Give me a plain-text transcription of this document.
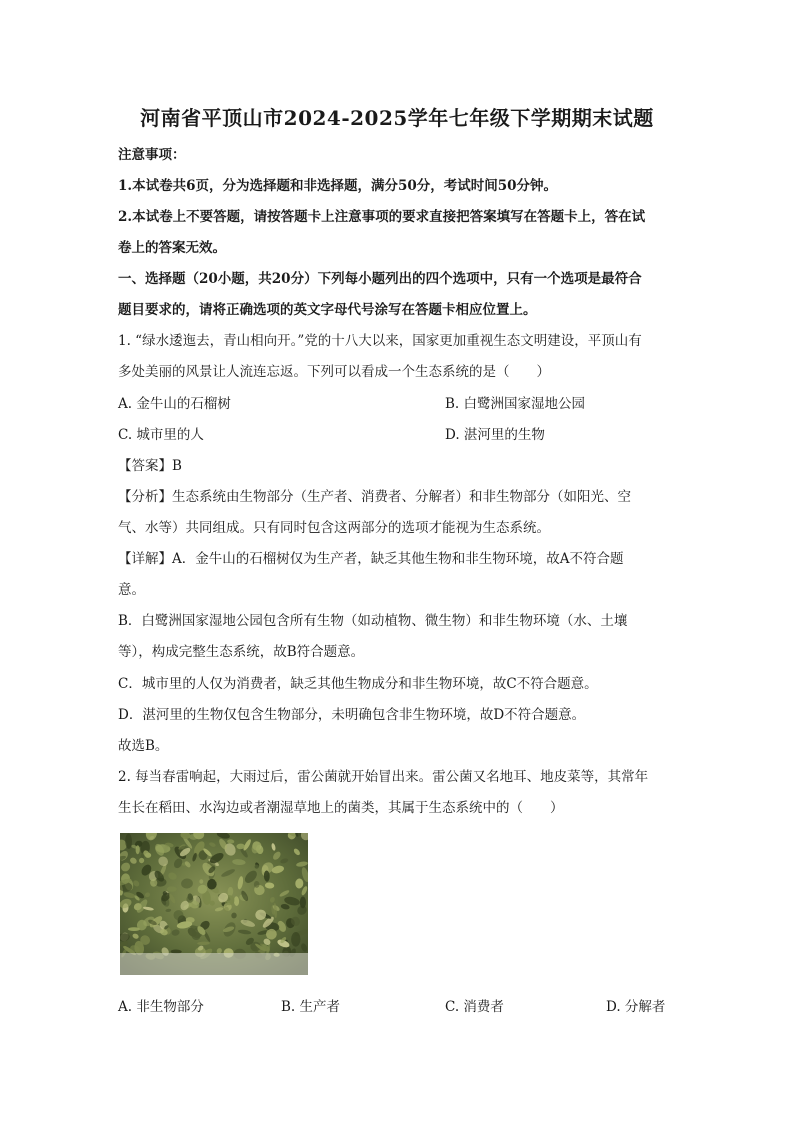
河南省平顶山市2024-2025学年七年级下学期期末试题
注意事项：
1.本试卷共6页，分为选择题和非选择题，满分50分，考试时间50分钟。
2.本试卷上不要答题，请按答题卡上注意事项的要求直接把答案填写在答题卡上，答在试
卷上的答案无效。
一、选择题（20小题，共20分）下列每小题列出的四个选项中，只有一个选项是最符合
题目要求的，请将正确选项的英文字母代号涂写在答题卡相应位置上。
1. “绿水逶迤去，青山相向开。”党的十八大以来，国家更加重视生态文明建设，平顶山有
多处美丽的风景让人流连忘返。下列可以看成一个生态系统的是（　　）
A. 金牛山的石榴树	B. 白鹭洲国家湿地公园
C. 城市里的人	D. 湛河里的生物
【答案】B
【分析】生态系统由生物部分（生产者、消费者、分解者）和非生物部分（如阳光、空
气、水等）共同组成。只有同时包含这两部分的选项才能视为生态系统。
【详解】A．金牛山的石榴树仅为生产者，缺乏其他生物和非生物环境，故A不符合题
意。
B．白鹭洲国家湿地公园包含所有生物（如动植物、微生物）和非生物环境（水、土壤
等），构成完整生态系统，故B符合题意。
C．城市里的人仅为消费者，缺乏其他生物成分和非生物环境，故C不符合题意。
D．湛河里的生物仅包含生物部分，未明确包含非生物环境，故D不符合题意。
故选B。
2. 每当春雷响起，大雨过后，雷公菌就开始冒出来。雷公菌又名地耳、地皮菜等，其常年
生长在稻田、水沟边或者潮湿草地上的菌类，其属于生态系统中的（　　）
A. 非生物部分	B. 生产者	C. 消费者	D. 分解者
